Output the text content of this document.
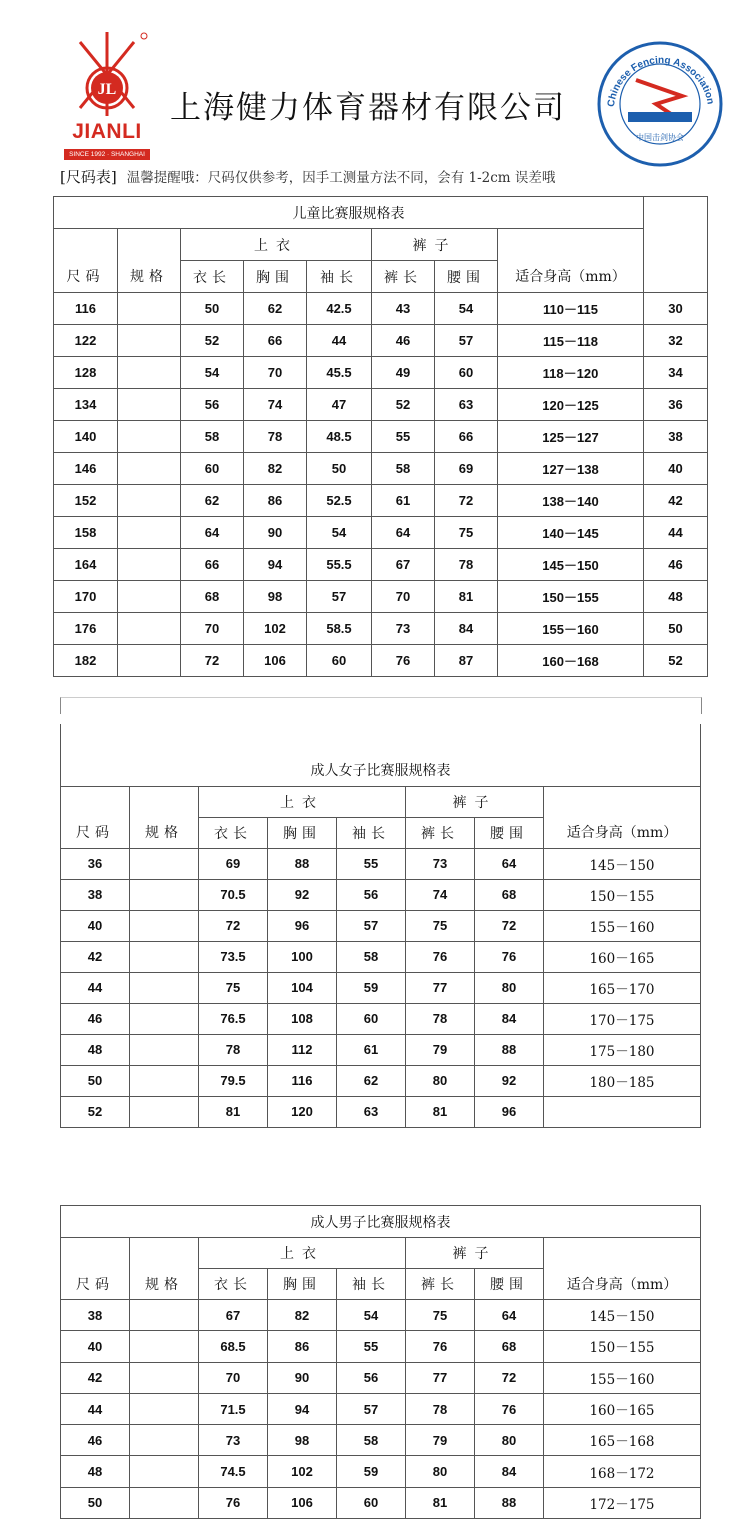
JL
JIANLI
SINCE 1992 · SHANGHAI
上海健力体育器材有限公司	Chinese Fencing Association
中国击剑协会
[尺码表] 温馨提醒哦：尺码仅供参考，因手工测量方法不同，会有 1-2cm 误差哦
儿童比赛服规格表								
		上衣			裤子			
尺码	规格	衣长	胸围	袖长	裤长	腰围	适合身高（mm）	
116		50	62	42.5	43	54	110－115	30
122		52	66	44	46	57	115－118	32
128		54	70	45.5	49	60	118－120	34
134		56	74	47	52	63	120－125	36
140		58	78	48.5	55	66	125－127	38
146		60	82	50	58	69	127－138	40
152		62	86	52.5	61	72	138－140	42
158		64	90	54	64	75	140－145	44
164		66	94	55.5	67	78	145－150	46
170		68	98	57	70	81	150－155	48
176		70	102	58.5	73	84	155－160	50
182		72	106	60	76	87	160－168	52
成人女子比赛服规格表							
		上衣			裤子		
尺码	规格	衣长	胸围	袖长	裤长	腰围	适合身高（mm）
36		69	88	55	73	64	145－150
38		70.5	92	56	74	68	150－155
40		72	96	57	75	72	155－160
42		73.5	100	58	76	76	160－165
44		75	104	59	77	80	165－170
46		76.5	108	60	78	84	170－175
48		78	112	61	79	88	175－180
50		79.5	116	62	80	92	180－185
52		81	120	63	81	96	
成人男子比赛服规格表							
		上衣			裤子		
尺码	规格	衣长	胸围	袖长	裤长	腰围	适合身高（mm）
38		67	82	54	75	64	145－150
40		68.5	86	55	76	68	150－155
42		70	90	56	77	72	155－160
44		71.5	94	57	78	76	160－165
46		73	98	58	79	80	165－168
48		74.5	102	59	80	84	168－172
50		76	106	60	81	88	172－175
